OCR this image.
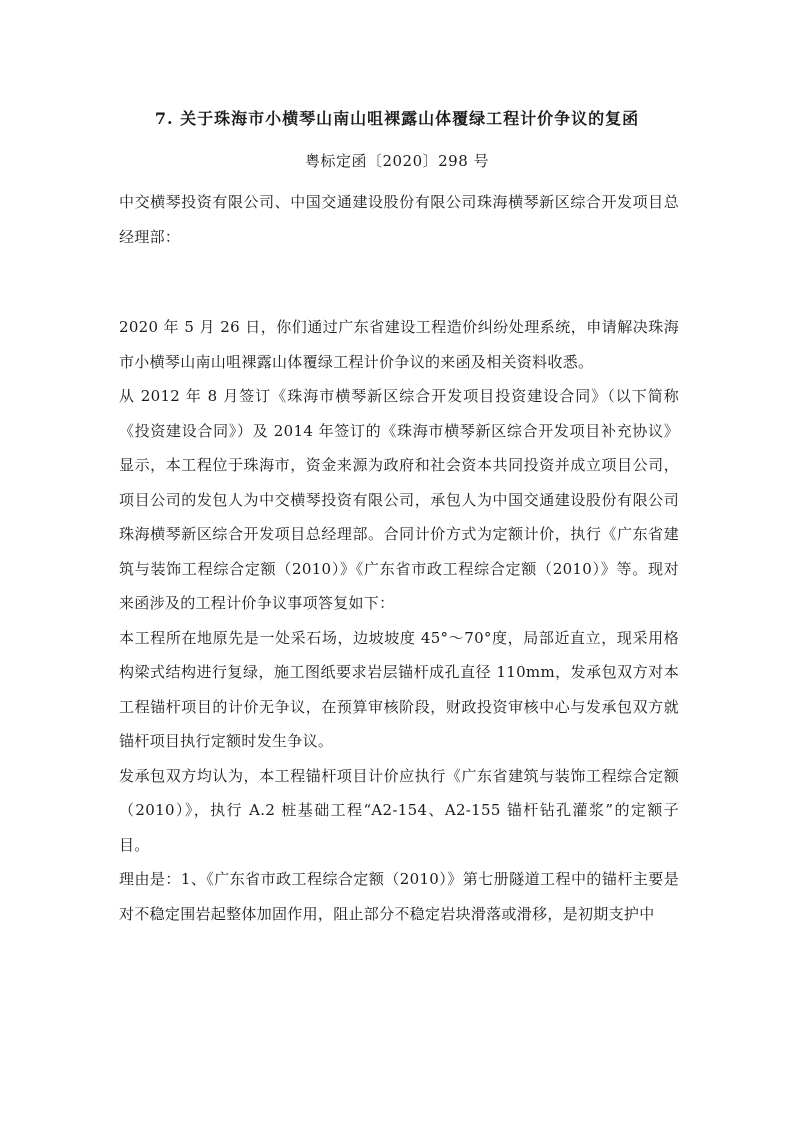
7. 关于珠海市小横琴山南山咀裸露山体覆绿工程计价争议的复函
粤标定函〔2020〕298 号

中交横琴投资有限公司、中国交通建设股份有限公司珠海横琴新区综合开发项目总经理部：

2020 年 5 月 26 日，你们通过广东省建设工程造价纠纷处理系统，申请解决珠海市小横琴山南山咀裸露山体覆绿工程计价争议的来函及相关资料收悉。

从 2012 年 8 月签订《珠海市横琴新区综合开发项目投资建设合同》（以下简称《投资建设合同》）及 2014 年签订的《珠海市横琴新区综合开发项目补充协议》显示，本工程位于珠海市，资金来源为政府和社会资本共同投资并成立项目公司，项目公司的发包人为中交横琴投资有限公司，承包人为中国交通建设股份有限公司珠海横琴新区综合开发项目总经理部。合同计价方式为定额计价，执行《广东省建筑与装饰工程综合定额（2010）》《广东省市政工程综合定额（2010）》等。现对来函涉及的工程计价争议事项答复如下：

本工程所在地原先是一处采石场，边坡坡度 45°～70°度，局部近直立，现采用格构梁式结构进行复绿，施工图纸要求岩层锚杆成孔直径 110mm，发承包双方对本工程锚杆项目的计价无争议，在预算审核阶段，财政投资审核中心与发承包双方就锚杆项目执行定额时发生争议。

发承包双方均认为，本工程锚杆项目计价应执行《广东省建筑与装饰工程综合定额（2010）》，执行 A.2 桩基础工程“A2-154、A2-155 锚杆钻孔灌浆”的定额子目。

理由是：1、《广东省市政工程综合定额（2010）》第七册隧道工程中的锚杆主要是对不稳定围岩起整体加固作用，阻止部分不稳定岩块滑落或滑移，是初期支护中
